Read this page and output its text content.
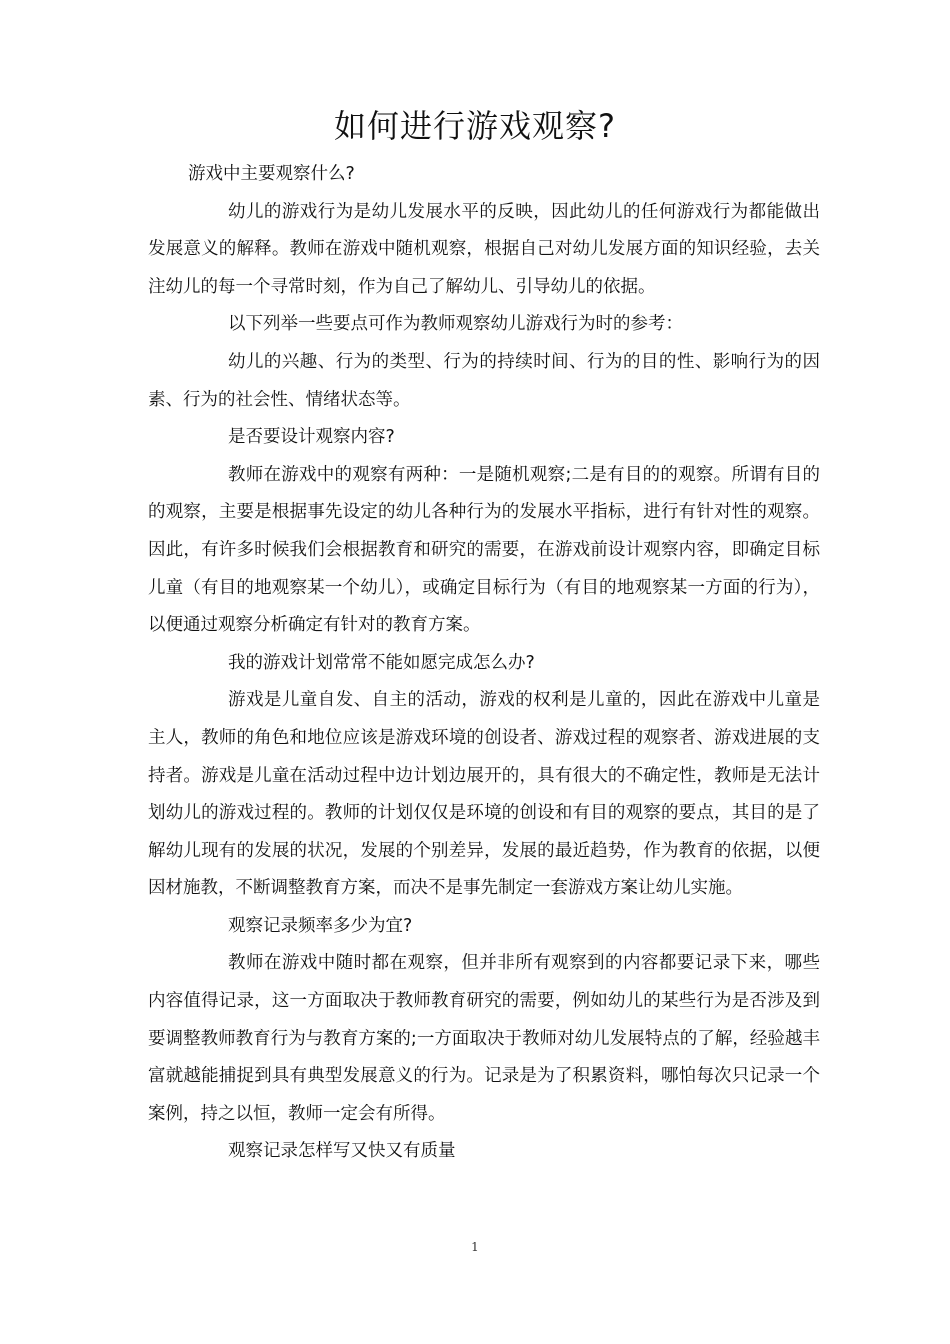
如何进行游戏观察?

游戏中主要观察什么?

幼儿的游戏行为是幼儿发展水平的反映，因此幼儿的任何游戏行为都能做出发展意义的解释。教师在游戏中随机观察，根据自己对幼儿发展方面的知识经验，去关注幼儿的每一个寻常时刻，作为自己了解幼儿、引导幼儿的依据。

以下列举一些要点可作为教师观察幼儿游戏行为时的参考：

幼儿的兴趣、行为的类型、行为的持续时间、行为的目的性、影响行为的因素、行为的社会性、情绪状态等。

是否要设计观察内容?

教师在游戏中的观察有两种：一是随机观察;二是有目的的观察。所谓有目的的观察，主要是根据事先设定的幼儿各种行为的发展水平指标，进行有针对性的观察。因此，有许多时候我们会根据教育和研究的需要，在游戏前设计观察内容，即确定目标儿童（有目的地观察某一个幼儿），或确定目标行为（有目的地观察某一方面的行为），以便通过观察分析确定有针对的教育方案。

我的游戏计划常常不能如愿完成怎么办?

游戏是儿童自发、自主的活动，游戏的权利是儿童的，因此在游戏中儿童是主人，教师的角色和地位应该是游戏环境的创设者、游戏过程的观察者、游戏进展的支持者。游戏是儿童在活动过程中边计划边展开的，具有很大的不确定性，教师是无法计划幼儿的游戏过程的。教师的计划仅仅是环境的创设和有目的观察的要点，其目的是了解幼儿现有的发展的状况，发展的个别差异，发展的最近趋势，作为教育的依据，以便因材施教，不断调整教育方案，而决不是事先制定一套游戏方案让幼儿实施。

观察记录频率多少为宜?

教师在游戏中随时都在观察，但并非所有观察到的内容都要记录下来，哪些内容值得记录，这一方面取决于教师教育研究的需要，例如幼儿的某些行为是否涉及到要调整教师教育行为与教育方案的;一方面取决于教师对幼儿发展特点的了解，经验越丰富就越能捕捉到具有典型发展意义的行为。记录是为了积累资料，哪怕每次只记录一个案例，持之以恒，教师一定会有所得。

观察记录怎样写又快又有质量

1
